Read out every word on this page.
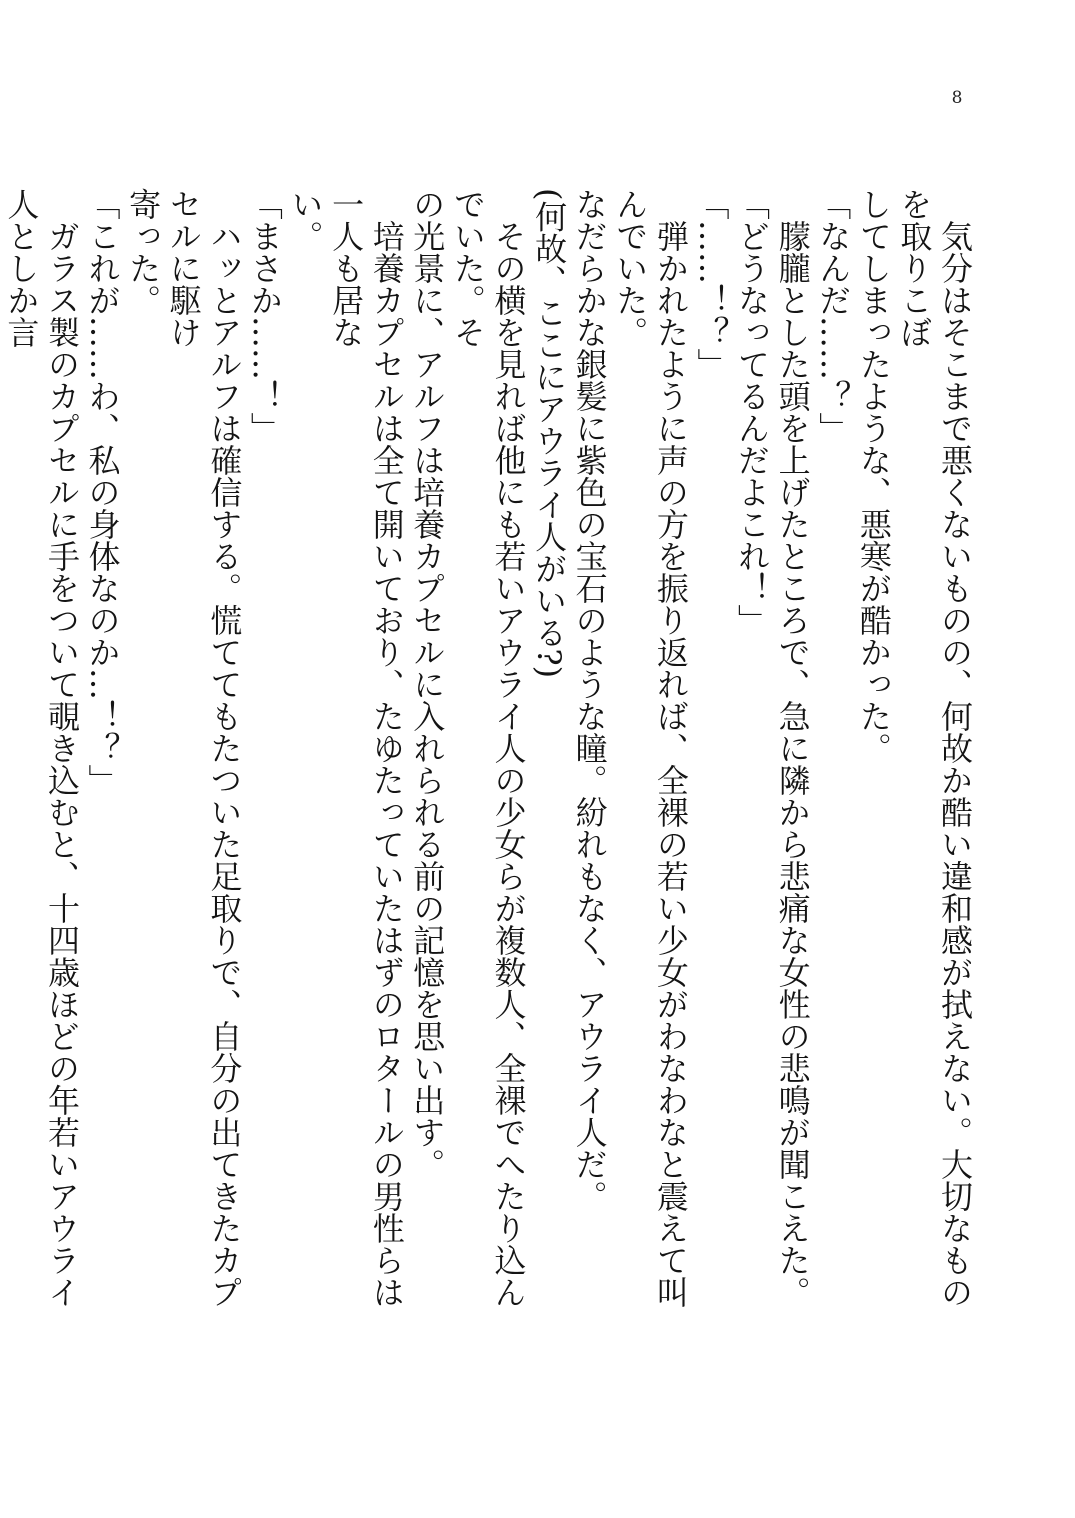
8
　気分はそこまで悪くないものの、何故か酷い違和感が拭えない。大切なものを取りこぼ
してしまったような、悪寒が酷かった。
「なんだ……？」
　朦朧とした頭を上げたところで、急に隣から悲痛な女性の悲鳴が聞こえた。
「どうなってるんだよこれ！」
「……！？」
　弾かれたように声の方を振り返れば、全裸の若い少女がわなわなと震えて叫んでいた。
なだらかな銀髪に紫色の宝石のような瞳。紛れもなく、アウライ人だ。
(何故、ここにアウライ人がいる?)
　その横を見れば他にも若いアウライ人の少女らが複数人、全裸でへたり込んでいた。そ
の光景に、アルフは培養カプセルに入れられる前の記憶を思い出す。
　培養カプセルは全て開いており、たゆたっていたはずのロタールの男性らは一人も居な
い。
「まさか……！」
　ハッとアルフは確信する。慌ててもたついた足取りで、自分の出てきたカプセルに駆け
寄った。
「これが……わ、私の身体なのか…！？」
　ガラス製のカプセルに手をついて覗き込むと、十四歳ほどの年若いアウライ人としか言
